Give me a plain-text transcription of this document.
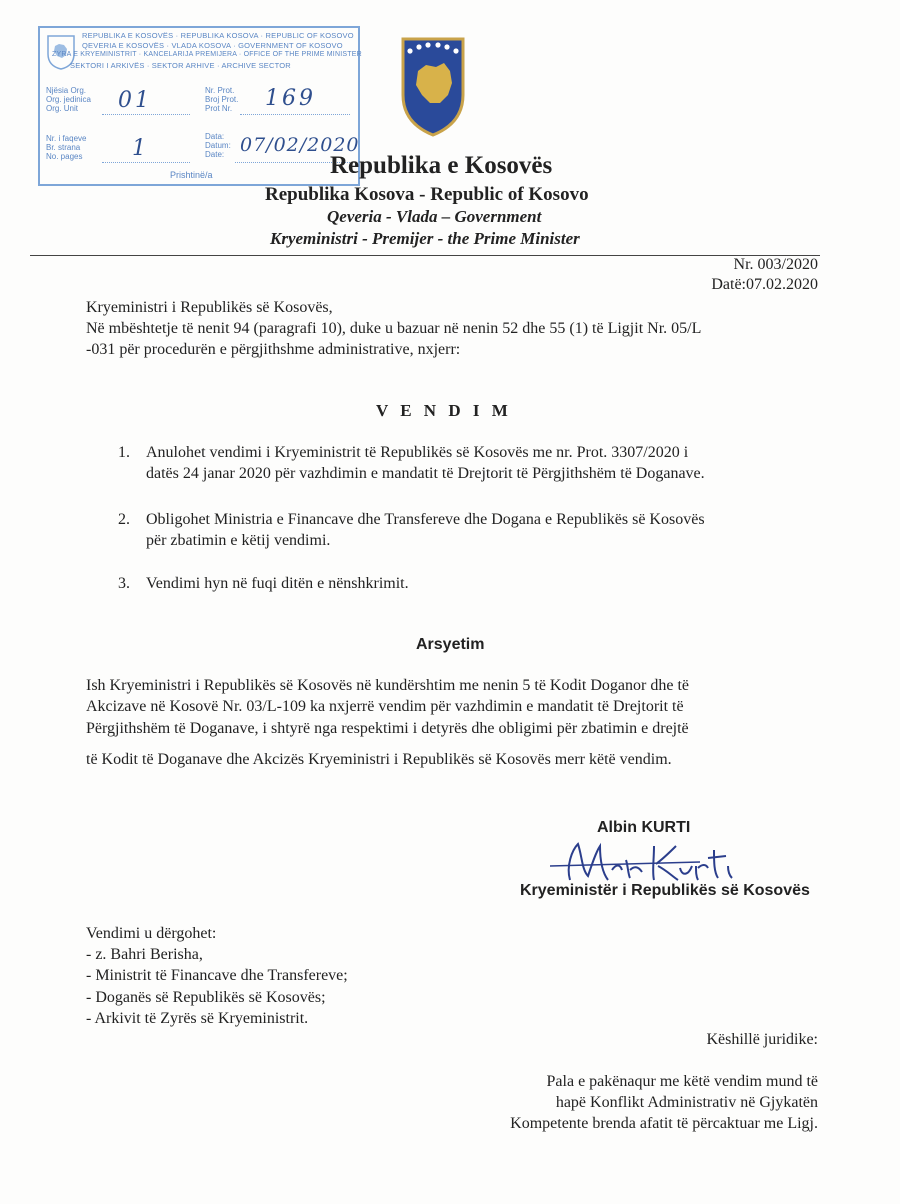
REPUBLIKA E KOSOVËS · REPUBLIKA KOSOVA · REPUBLIC OF KOSOVO
QEVERIA E KOSOVËS · VLADA KOSOVA · GOVERNMENT OF KOSOVO
ZYRA E KRYEMINISTRIT · KANCELARIJA PREMIJERA · OFFICE OF THE PRIME MINISTER
SEKTORI I ARKIVËS · SEKTOR ARHIVE · ARCHIVE SECTOR
Njësia Org.
Org. jedinica
Org. Unit	01	Nr. Prot.
Broj Prot.
Prot Nr.	169
Nr. i faqeve
Br. strana
No. pages	1	Data:
Datum:
Date: 07/02/2020
Prishtinë/a	Republika e Kosovës
Republika Kosova - Republic of Kosovo
Qeveria - Vlada – Government
Kryeministri - Premijer - the Prime Minister
Nr. 003/2020
Datë:07.02.2020
Kryeministri i Republikës së Kosovës,
Në mbështetje të nenit 94 (paragrafi 10), duke u bazuar në nenin 52 dhe 55 (1) të Ligjit Nr. 05/L
-031 për procedurën e përgjithshme administrative, nxjerr:
V E N D I M
1. Anulohet vendimi i Kryeministrit të Republikës së Kosovës me nr. Prot. 3307/2020 i
datës 24 janar 2020 për vazhdimin e mandatit të Drejtorit të Përgjithshëm të Doganave.
2. Obligohet Ministria e Financave dhe Transfereve dhe Dogana e Republikës së Kosovës
për zbatimin e këtij vendimi.
3. Vendimi hyn në fuqi ditën e nënshkrimit.
Arsyetim
Ish Kryeministri i Republikës së Kosovës në kundërshtim me nenin 5 të Kodit Doganor dhe të
Akcizave në Kosovë Nr. 03/L-109 ka nxjerrë vendim për vazhdimin e mandatit të Drejtorit të
Përgjithshëm të Doganave, i shtyrë nga respektimi i detyrës dhe obligimi për zbatimin e drejtë
të Kodit të Doganave dhe Akcizës Kryeministri i Republikës së Kosovës merr këtë vendim.
Albin KURTI
Kryeministër i Republikës së Kosovës
Vendimi u dërgohet:
- z. Bahri Berisha,
- Ministrit të Financave dhe Transfereve;
- Doganës së Republikës së Kosovës;
- Arkivit të Zyrës së Kryeministrit.
Këshillë juridike:
Pala e pakënaqur me këtë vendim mund të
hapë Konflikt Administrativ në Gjykatën
Kompetente brenda afatit të përcaktuar me Ligj.
